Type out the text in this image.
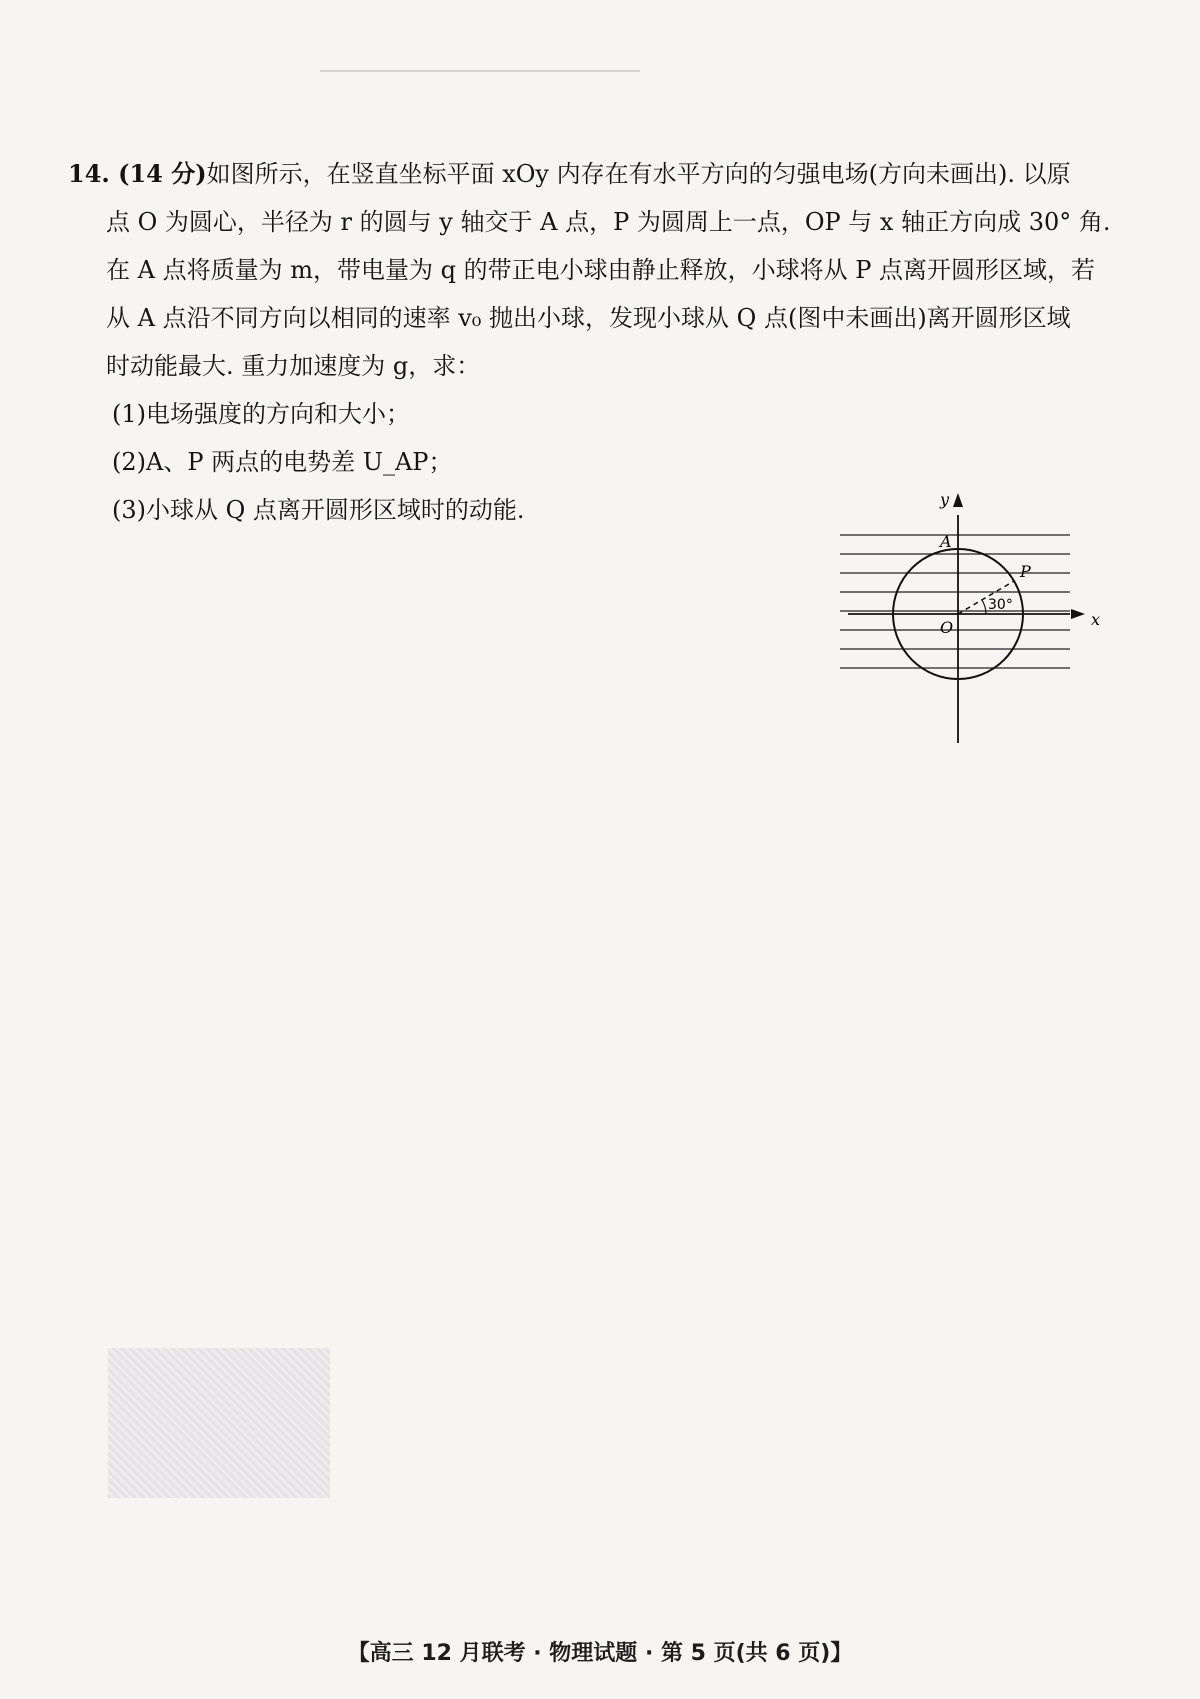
14. (14 分)如图所示，在竖直坐标平面 xOy 内存在有水平方向的匀强电场(方向未画出). 以原

点 O 为圆心，半径为 r 的圆与 y 轴交于 A 点，P 为圆周上一点，OP 与 x 轴正方向成 30° 角.

在 A 点将质量为 m，带电量为 q 的带正电小球由静止释放，小球将从 P 点离开圆形区域，若

从 A 点沿不同方向以相同的速率 v₀ 抛出小球，发现小球从 Q 点(图中未画出)离开圆形区域

时动能最大. 重力加速度为 g，求：

(1)电场强度的方向和大小；

(2)A、P 两点的电势差 U_AP；

(3)小球从 Q 点离开圆形区域时的动能.

A
P
O
30°
x
y
【高三 12 月联考 · 物理试题 · 第 5 页(共 6 页)】
